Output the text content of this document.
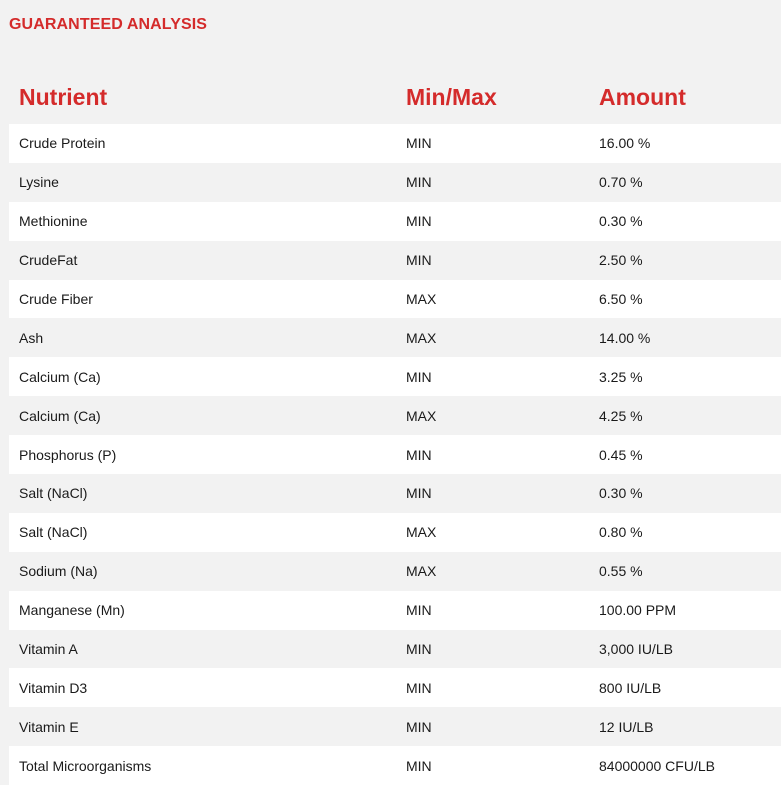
GUARANTEED ANALYSIS
Nutrient	Min/Max	Amount
Crude Protein	MIN	16.00 %
Lysine	MIN	0.70 %
Methionine	MIN	0.30 %
CrudeFat	MIN	2.50 %
Crude Fiber	MAX	6.50 %
Ash	MAX	14.00 %
Calcium (Ca)	MIN	3.25 %
Calcium (Ca)	MAX	4.25 %
Phosphorus (P)	MIN	0.45 %
Salt (NaCl)	MIN	0.30 %
Salt (NaCl)	MAX	0.80 %
Sodium (Na)	MAX	0.55 %
Manganese (Mn)	MIN	100.00 PPM
Vitamin A	MIN	3,000 IU/LB
Vitamin D3	MIN	800 IU/LB
Vitamin E	MIN	12 IU/LB
Total Microorganisms	MIN	84000000 CFU/LB
